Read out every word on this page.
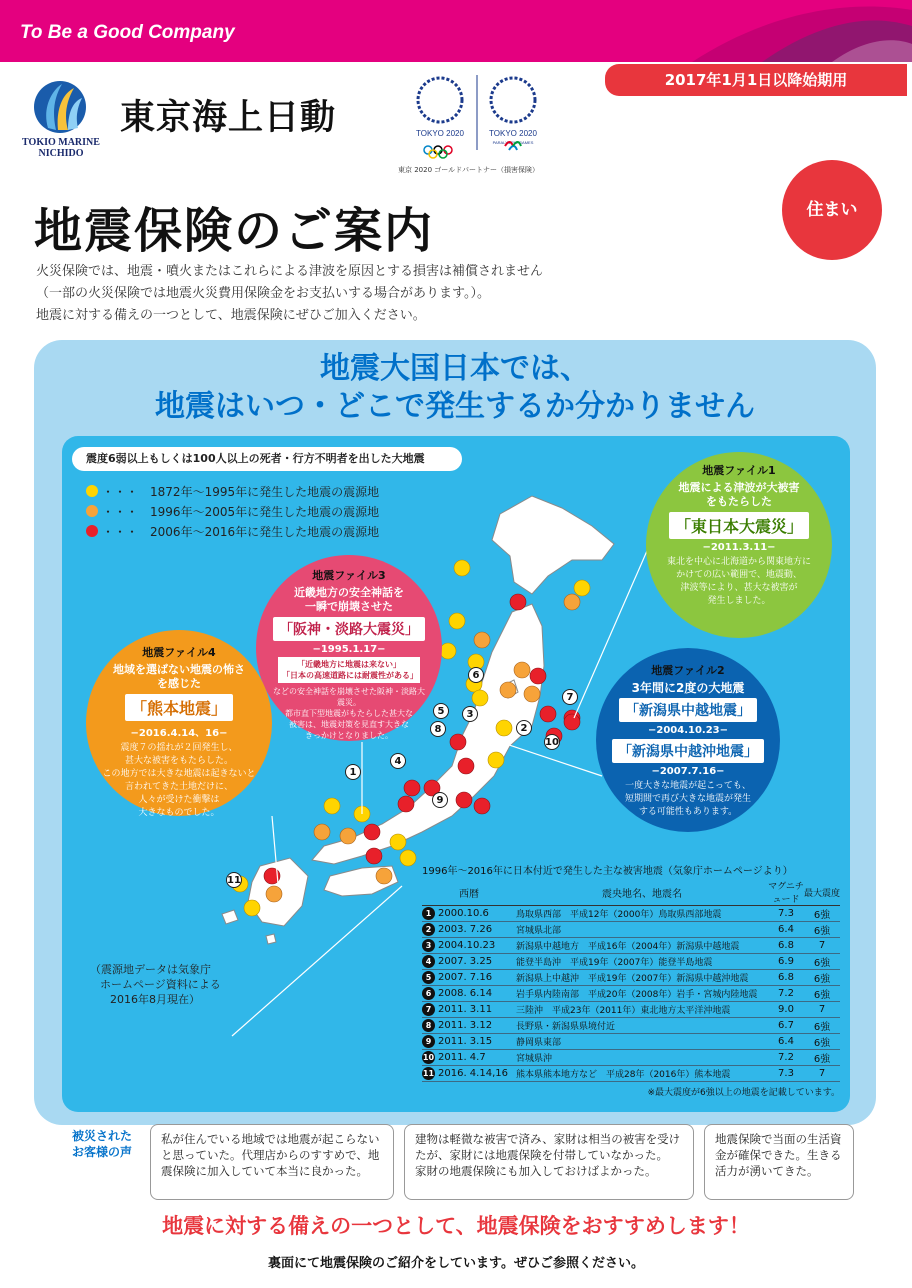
To Be a Good Company
2017年1月1日以降始期用
TOKIO MARINE
NICHIDO
東京海上日動	TOKYO 2020	TOKYO 2020
PARALYMPIC GAMES
東京 2020 ゴールドパートナー（損害保険）
住まい
地震保険のご案内
火災保険では、地震・噴火またはこれらによる津波を原因とする損害は補償されません
（一部の火災保険では地震火災費用保険金をお支払いする場合があります。）。
地震に対する備えの一つとして、地震保険にぜひご加入ください。
地震大国日本では、
地震はいつ・どこで発生するか分かりません
震度6弱以上もしくは100人以上の死者・行方不明者を出した大地震
・・・　 1872年〜1995年に発生した地震の震源地
・・・　 1996年〜2005年に発生した地震の震源地
・・・　 2006年〜2016年に発生した地震の震源地
1
2
3
4
5
6
7
8
9
10
11
地震ファイル1
地震による津波が大被害
をもたらした
「東日本大震災」
−2011.3.11−
東北を中心に北海道から関東地方に
かけての広い範囲で、地震動、
津波等により、甚大な被害が
発生しました。
地震ファイル2
3年間に2度の大地震
「新潟県中越地震」
−2004.10.23−
「新潟県中越沖地震」
−2007.7.16−
一度大きな地震が起こっても、
短期間で再び大きな地震が発生
する可能性もあります。
地震ファイル3
近畿地方の安全神話を
一瞬で崩壊させた
「阪神・淡路大震災」
−1995.1.17−
「近畿地方に地震は来ない」
「日本の高速道路には耐震性がある」
などの安全神話を崩壊させた阪神・淡路大震災。
都市直下型地震がもたらした甚大な
被害は、地震対策を見直す大きな
きっかけとなりました。
地震ファイル4
地域を選ばない地震の怖さ
を感じた
「熊本地震」
−2016.4.14、16−
震度７の揺れが２回発生し、
甚大な被害をもたらした。
この地方では大きな地震は起きないと
言われてきた土地だけに、
人々が受けた衝撃は
大きなものでした。
1996年〜2016年に日本付近で発生した主な被害地震（気象庁ホームページより）
西暦		震央地名、地震名	マグニチュード	最大震度
1	2000.10.6	鳥取県西部　平成12年（2000年）鳥取県西部地震	7.3	6強
2	2003. 7.26	宮城県北部	6.4	6強
3	2004.10.23	新潟県中越地方　平成16年（2004年）新潟県中越地震	6.8	7
4	2007. 3.25	能登半島沖　平成19年（2007年）能登半島地震	6.9	6強
5	2007. 7.16	新潟県上中越沖　平成19年（2007年）新潟県中越沖地震	6.8	6強
6	2008. 6.14	岩手県内陸南部　平成20年（2008年）岩手・宮城内陸地震	7.2	6強
7	2011. 3.11	三陸沖　平成23年（2011年）東北地方太平洋沖地震	9.0	7
8	2011. 3.12	長野県・新潟県県境付近	6.7	6強
9	2011. 3.15	静岡県東部	6.4	6強
10	2011. 4.7	宮城県沖	7.2	6強
11	2016. 4.14,16	熊本県熊本地方など　平成28年（2016年）熊本地震	7.3	7
※最大震度が6強以上の地震を記載しています。
（震源地データは気象庁
ホームページ資料による
2016年8月現在）
被災された
お客様の声
私が住んでいる地域では地震が起こらないと思っていた。代理店からのすすめで、地震保険に加入していて本当に良かった。
建物は軽微な被害で済み、家財は相当の被害を受けたが、家財には地震保険を付帯していなかった。
家財の地震保険にも加入しておけばよかった。
地震保険で当面の生活資金が確保できた。生きる活力が湧いてきた。
地震に対する備えの一つとして、地震保険をおすすめします！
裏面にて地震保険のご紹介をしています。ぜひご参照ください。
